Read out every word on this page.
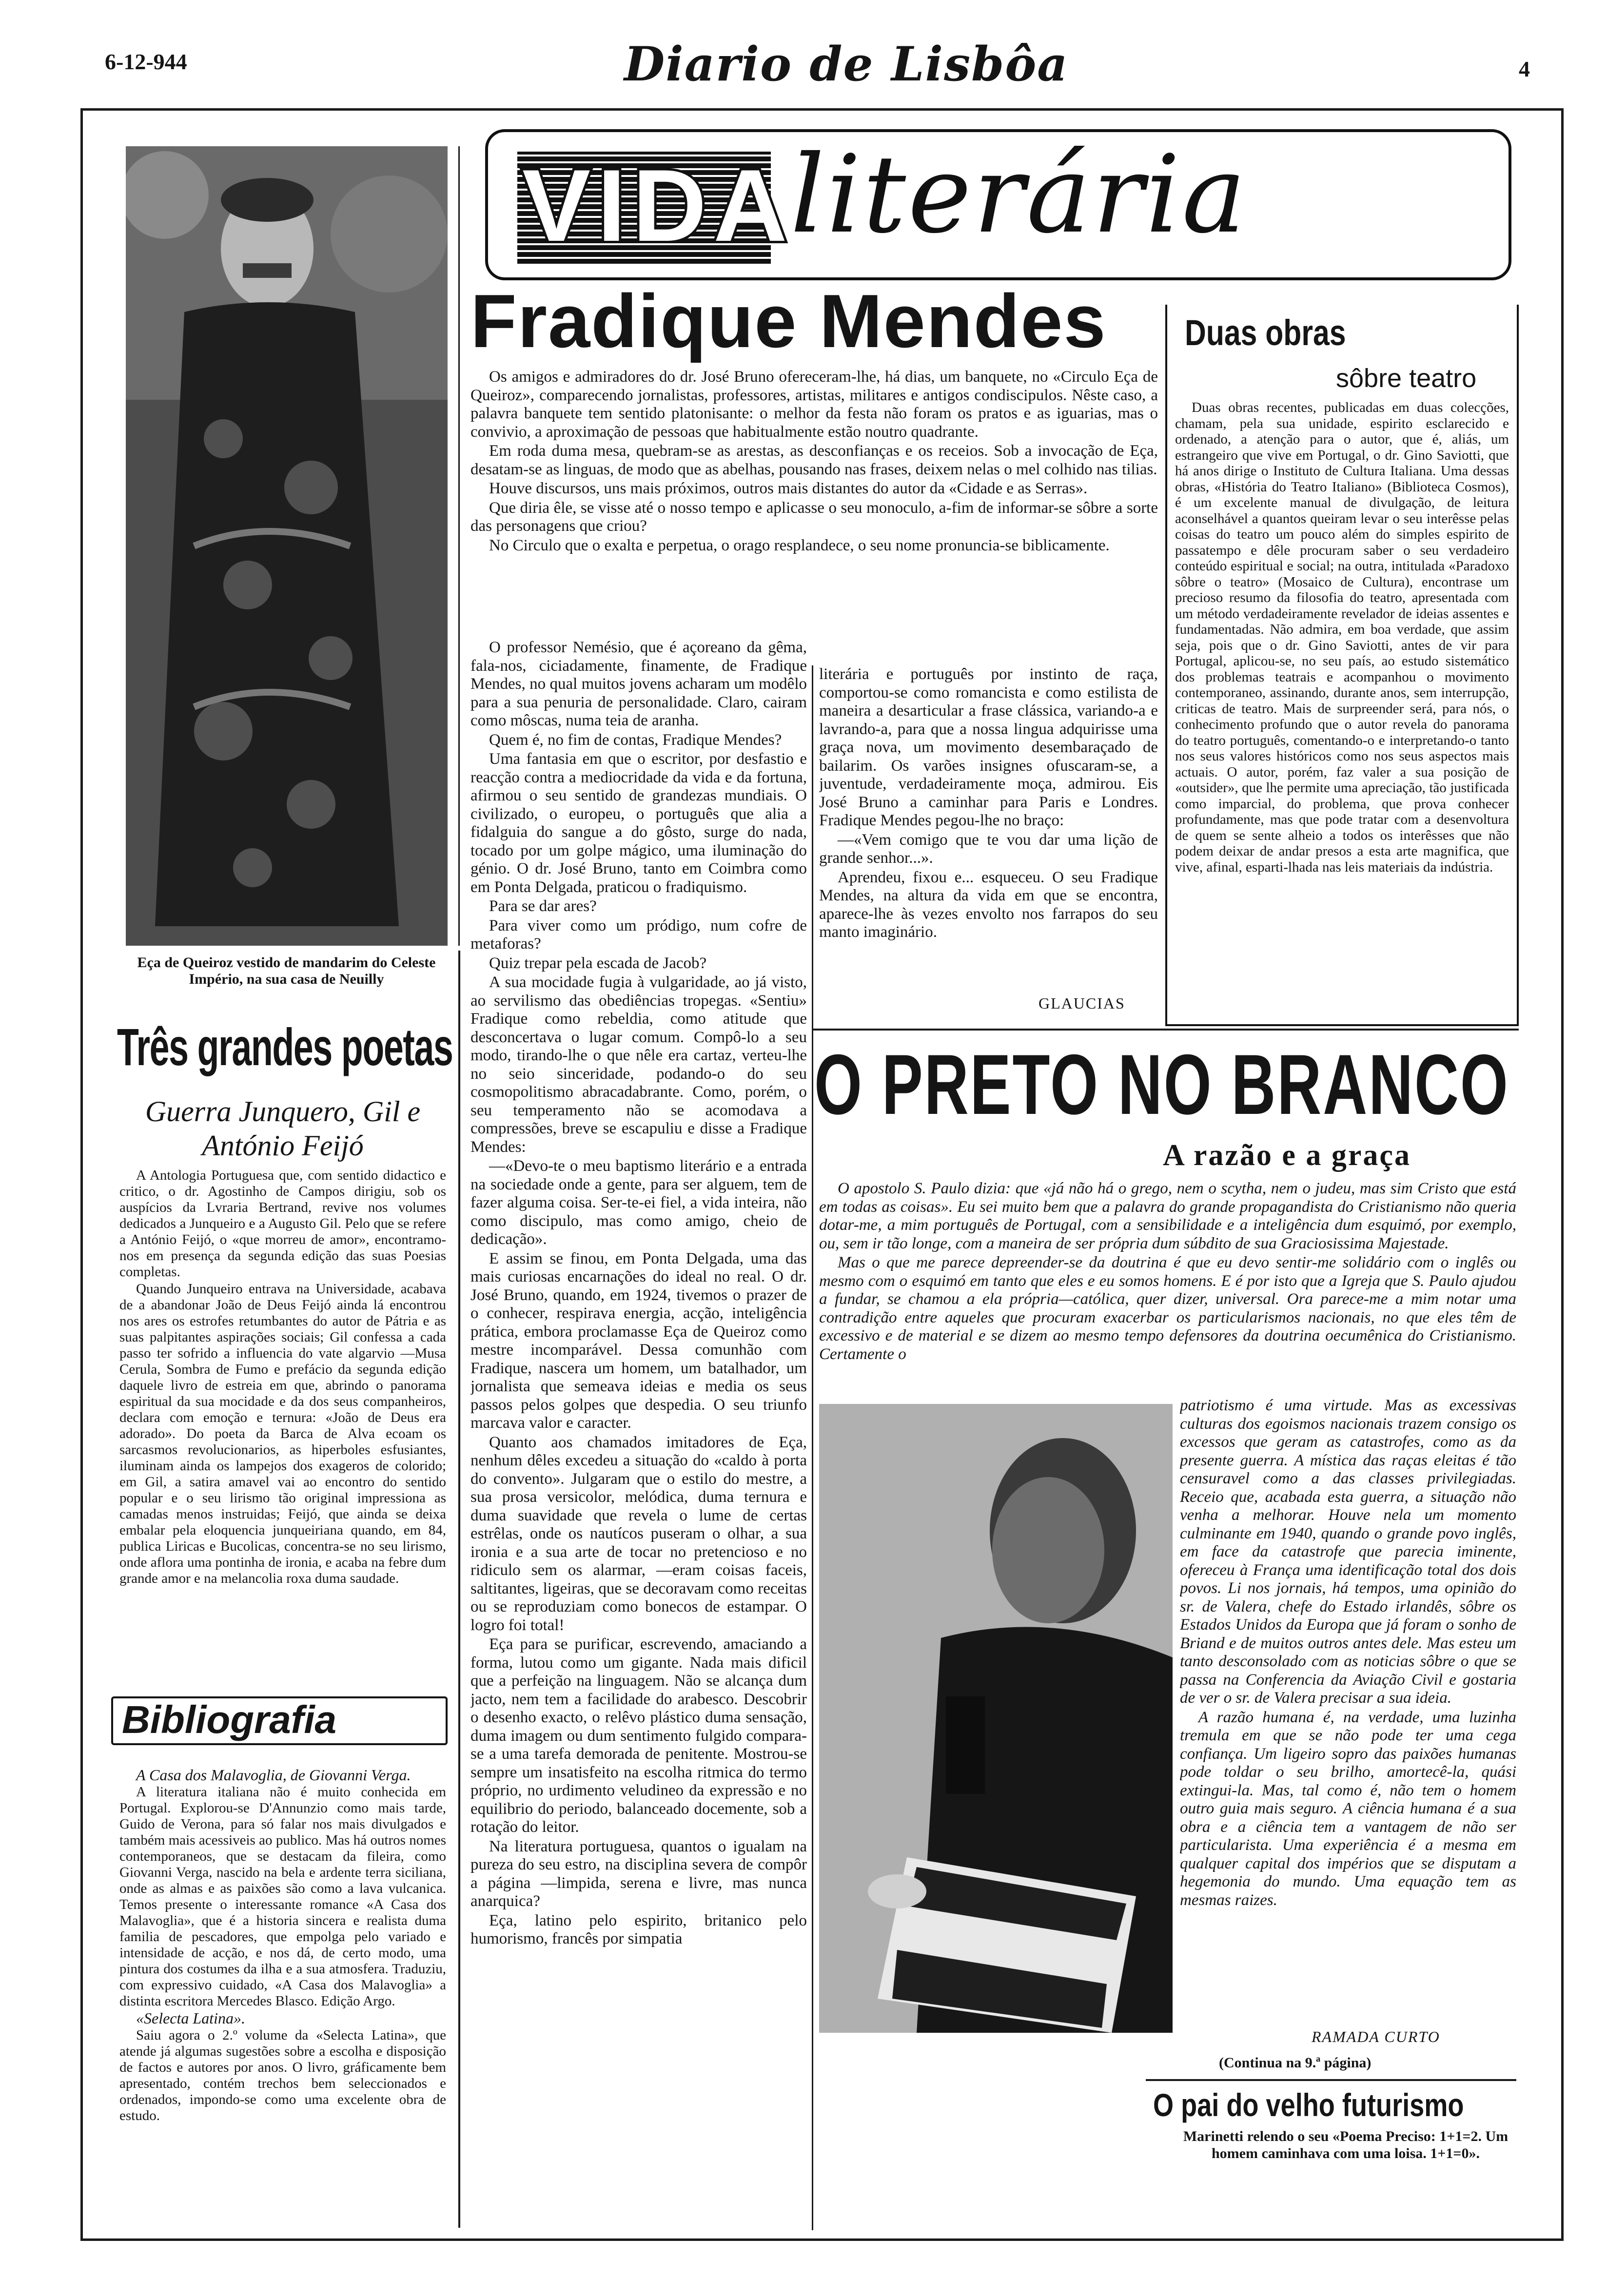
6-12-944	Diario de Lisbôa	4
Eça de Queiroz vestido de mandarim do Celeste Império, na sua casa de Neuilly
VIDA
literária
Três grandes poetas
Guerra Junquero, Gil e António Feijó

A Antologia Portuguesa que, com sentido didactico e critico, o dr. Agostinho de Campos dirigiu, sob os auspícios da Lvraria Bertrand, revive nos volumes dedicados a Junqueiro e a Augusto Gil. Pelo que se refere a António Feijó, o «que morreu de amor», encontramo-nos em presença da segunda edição das suas Poesias completas.

Quando Junqueiro entrava na Universidade, acabava de a abandonar João de Deus Feijó ainda lá encontrou nos ares os estrofes retumbantes do autor de Pátria e as suas palpitantes aspirações sociais; Gil confessa a cada passo ter sofrido a influencia do vate algarvio —Musa Cerula, Sombra de Fumo e prefácio da segunda edição daquele livro de estreia em que, abrindo o panorama espiritual da sua mocidade e da dos seus companheiros, declara com emoção e ternura: «João de Deus era adorado». Do poeta da Barca de Alva ecoam os sarcasmos revolucionarios, as hiperboles esfusiantes, iluminam ainda os lampejos dos exageros de colorido; em Gil, a satira amavel vai ao encontro do sentido popular e o seu lirismo tão original impressiona as camadas menos instruidas; Feijó, que ainda se deixa embalar pela eloquencia junqueiriana quando, em 84, publica Liricas e Bucolicas, concentra-se no seu lirismo, onde aflora uma pontinha de ironia, e acaba na febre dum grande amor e na melancolia roxa duma saudade.

Bibliografia

A Casa dos Malavoglia, de Giovanni Verga.

A literatura italiana não é muito conhecida em Portugal. Explorou-se D'Annunzio como mais tarde, Guido de Verona, para só falar nos mais divulgados e também mais acessiveis ao publico. Mas há outros nomes contemporaneos, que se destacam da fileira, como Giovanni Verga, nascido na bela e ardente terra siciliana, onde as almas e as paixões são como a lava vulcanica. Temos presente o interessante romance «A Casa dos Malavoglia», que é a historia sincera e realista duma familia de pescadores, que empolga pelo variado e intensidade de acção, e nos dá, de certo modo, uma pintura dos costumes da ilha e a sua atmosfera. Traduziu, com expressivo cuidado, «A Casa dos Malavoglia» a distinta escritora Mercedes Blasco. Edição Argo.

«Selecta Latina».

Saiu agora o 2.º volume da «Selecta Latina», que atende já algumas sugestões sobre a escolha e disposição de factos e autores por anos. O livro, gráficamente bem apresentado, contém trechos bem seleccionados e ordenados, impondo-se como uma excelente obra de estudo.

Fradique Mendes

Os amigos e admiradores do dr. José Bruno ofereceram-lhe, há dias, um banquete, no «Circulo Eça de Queiroz», comparecendo jornalistas, professores, artistas, militares e antigos condiscipulos. Nêste caso, a palavra banquete tem sentido platonisante: o melhor da festa não foram os pratos e as iguarias, mas o convivio, a aproximação de pessoas que habitualmente estão noutro quadrante.

Em roda duma mesa, quebram-se as arestas, as desconfianças e os receios. Sob a invocação de Eça, desatam-se as linguas, de modo que as abelhas, pousando nas frases, deixem nelas o mel colhido nas tilias.

Houve discursos, uns mais próximos, outros mais distantes do autor da «Cidade e as Serras».

Que diria êle, se visse até o nosso tempo e aplicasse o seu monoculo, a-fim de informar-se sôbre a sorte das personagens que criou?

No Circulo que o exalta e perpetua, o orago resplandece, o seu nome pronuncia-se biblicamente.

O professor Nemésio, que é açoreano da gêma, fala-nos, ciciadamente, finamente, de Fradique Mendes, no qual muitos jovens acharam um modêlo para a sua penuria de personalidade. Claro, cairam como môscas, numa teia de aranha.

Quem é, no fim de contas, Fradique Mendes?

Uma fantasia em que o escritor, por desfastio e reacção contra a mediocridade da vida e da fortuna, afirmou o seu sentido de grandezas mundiais. O civilizado, o europeu, o português que alia a fidalguia do sangue a do gôsto, surge do nada, tocado por um golpe mágico, uma iluminação do génio. O dr. José Bruno, tanto em Coimbra como em Ponta Delgada, praticou o fradiquismo.

Para se dar ares?

Para viver como um pródigo, num cofre de metaforas?

Quiz trepar pela escada de Jacob?

A sua mocidade fugia à vulgaridade, ao já visto, ao servilismo das obediências tropegas. «Sentiu» Fradique como rebeldia, como atitude que desconcertava o lugar comum. Compô-lo a seu modo, tirando-lhe o que nêle era cartaz, verteu-lhe no seio sinceridade, podando-o do seu cosmopolitismo abracadabrante. Como, porém, o seu temperamento não se acomodava a compressões, breve se escapuliu e disse a Fradique Mendes:

—«Devo-te o meu baptismo literário e a entrada na sociedade onde a gente, para ser alguem, tem de fazer alguma coisa. Ser-te-ei fiel, a vida inteira, não como discipulo, mas como amigo, cheio de dedicação».

E assim se finou, em Ponta Delgada, uma das mais curiosas encarnações do ideal no real. O dr. José Bruno, quando, em 1924, tivemos o prazer de o conhecer, respirava energia, acção, inteligência prática, embora proclamasse Eça de Queiroz como mestre incomparável. Dessa comunhão com Fradique, nascera um homem, um batalhador, um jornalista que semeava ideias e media os seus passos pelos golpes que despedia. O seu triunfo marcava valor e caracter.

Quanto aos chamados imitadores de Eça, nenhum dêles excedeu a situação do «caldo à porta do convento». Julgaram que o estilo do mestre, a sua prosa versicolor, melódica, duma ternura e duma suavidade que revela o lume de certas estrêlas, onde os nautícos puseram o olhar, a sua ironia e a sua arte de tocar no pretencioso e no ridiculo sem os alarmar, —eram coisas faceis, saltitantes, ligeiras, que se decoravam como receitas ou se reproduziam como bonecos de estampar. O logro foi total!

Eça para se purificar, escrevendo, amaciando a forma, lutou como um gigante. Nada mais dificil que a perfeição na linguagem. Não se alcança dum jacto, nem tem a facilidade do arabesco. Descobrir o desenho exacto, o relêvo plástico duma sensação, duma imagem ou dum sentimento fulgido compara-se a uma tarefa demorada de penitente. Mostrou-se sempre um insatisfeito na escolha ritmica do termo próprio, no urdimento veludineo da expressão e no equilibrio do periodo, balanceado docemente, sob a rotação do leitor.

Na literatura portuguesa, quantos o igualam na pureza do seu estro, na disciplina severa de compôr a página —limpida, serena e livre, mas nunca anarquica?

Eça, latino pelo espirito, britanico pelo humorismo, francês por simpatia

literária e português por instinto de raça, comportou-se como romancista e como estilista de maneira a desarticular a frase clássica, variando-a e lavrando-a, para que a nossa lingua adquirisse uma graça nova, um movimento desembaraçado de bailarim. Os varões insignes ofuscaram-se, a juventude, verdadeiramente moça, admirou. Eis José Bruno a caminhar para Paris e Londres. Fradique Mendes pegou-lhe no braço:

—«Vem comigo que te vou dar uma lição de grande senhor...».

Aprendeu, fixou e... esqueceu. O seu Fradique Mendes, na altura da vida em que se encontra, aparece-lhe às vezes envolto nos farrapos do seu manto imaginário.

GLAUCIAS
Duas obras
sôbre teatro

Duas obras recentes, publicadas em duas colecções, chamam, pela sua unidade, espirito esclarecido e ordenado, a atenção para o autor, que é, aliás, um estrangeiro que vive em Portugal, o dr. Gino Saviotti, que há anos dirige o Instituto de Cultura Italiana. Uma dessas obras, «História do Teatro Italiano» (Biblioteca Cosmos), é um excelente manual de divulgação, de leitura aconselhável a quantos queiram levar o seu interêsse pelas coisas do teatro um pouco além do simples espirito de passatempo e dêle procuram saber o seu verdadeiro conteúdo espiritual e social; na outra, intitulada «Paradoxo sôbre o teatro» (Mosaico de Cultura), encontrase um precioso resumo da filosofia do teatro, apresentada com um método verdadeiramente revelador de ideias assentes e fundamentadas. Não admira, em boa verdade, que assim seja, pois que o dr. Gino Saviotti, antes de vir para Portugal, aplicou-se, no seu país, ao estudo sistemático dos problemas teatrais e acompanhou o movimento contemporaneo, assinando, durante anos, sem interrupção, criticas de teatro. Mais de surpreender será, para nós, o conhecimento profundo que o autor revela do panorama do teatro português, comentando-o e interpretando-o tanto nos seus valores históricos como nos seus aspectos mais actuais. O autor, porém, faz valer a sua posição de «outsider», que lhe permite uma apreciação, tão justificada como imparcial, do problema, que prova conhecer profundamente, mas que pode tratar com a desenvoltura de quem se sente alheio a todos os interêsses que não podem deixar de andar presos a esta arte magnifica, que vive, afinal, esparti-lhada nas leis materiais da indústria.

O PRETO NO BRANCO
A razão e a graça

O apostolo S. Paulo dizia: que «já não há o grego, nem o scytha, nem o judeu, mas sim Cristo que está em todas as coisas». Eu sei muito bem que a palavra do grande propagandista do Cristianismo não queria dotar-me, a mim português de Portugal, com a sensibilidade e a inteligência dum esquimó, por exemplo, ou, sem ir tão longe, com a maneira de ser própria dum súbdito de sua Graciosissima Majestade.

Mas o que me parece depreender-se da doutrina é que eu devo sentir-me solidário com o inglês ou mesmo com o esquimó em tanto que eles e eu somos homens. E é por isto que a Igreja que S. Paulo ajudou a fundar, se chamou a ela própria—católica, quer dizer, universal. Ora parece-me a mim notar uma contradição entre aqueles que procuram exacerbar os particularismos nacionais, no que eles têm de excessivo e de material e se dizem ao mesmo tempo defensores da doutrina oecumênica do Cristianismo. Certamente o

patriotismo é uma virtude. Mas as excessivas culturas dos egoismos nacionais trazem consigo os excessos que geram as catastrofes, como as da presente guerra. A mística das raças eleitas é tão censuravel como a das classes privilegiadas. Receio que, acabada esta guerra, a situação não venha a melhorar. Houve nela um momento culminante em 1940, quando o grande povo inglês, em face da catastrofe que parecia iminente, ofereceu à França uma identificação total dos dois povos. Li nos jornais, há tempos, uma opinião do sr. de Valera, chefe do Estado irlandês, sôbre os Estados Unidos da Europa que já foram o sonho de Briand e de muitos outros antes dele. Mas esteu um tanto desconsolado com as noticias sôbre o que se passa na Conferencia da Aviação Civil e gostaria de ver o sr. de Valera precisar a sua ideia.

A razão humana é, na verdade, uma luzinha tremula em que se não pode ter uma cega confiança. Um ligeiro sopro das paixões humanas pode toldar o seu brilho, amortecê-la, quási extingui-la. Mas, tal como é, não tem o homem outro guia mais seguro. A ciência humana é a sua obra e a ciência tem a vantagem de não ser particularista. Uma experiência é a mesma em qualquer capital dos impérios que se disputam a hegemonia do mundo. Uma equação tem as mesmas raizes.

RAMADA CURTO
(Continua na 9.ª página)
O pai do velho futurismo
Marinetti relendo o seu «Poema Preciso: 1+1=2. Um homem caminhava com uma loisa. 1+1=0».
